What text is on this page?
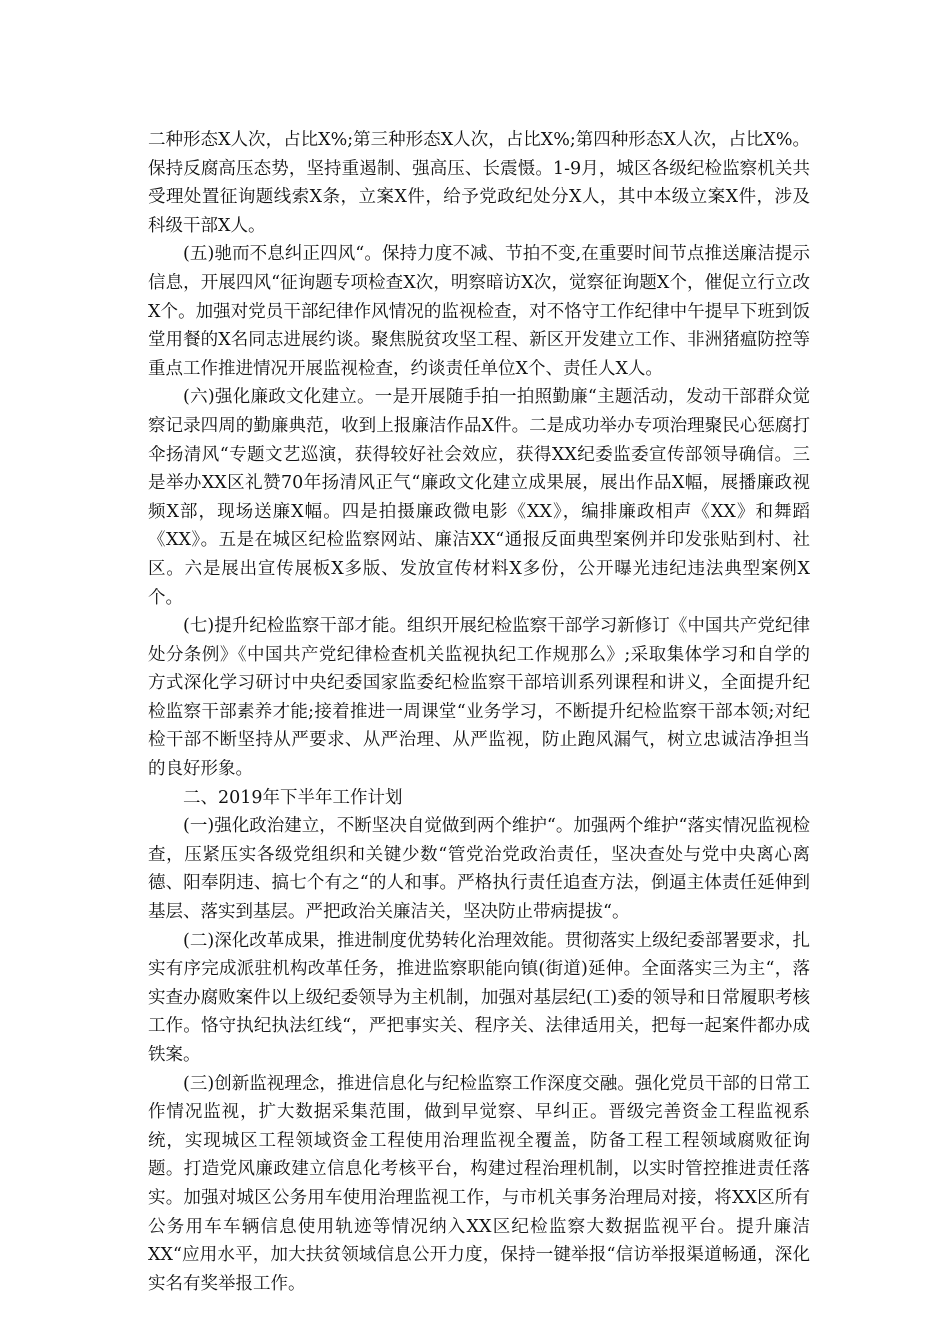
二种形态X人次，占比X%;第三种形态X人次，占比X%;第四种形态X人次，占比X%。保持反腐高压态势，坚持重遏制、强高压、长震慑。1-9月，城区各级纪检监察机关共受理处置征询题线索X条，立案X件，给予党政纪处分X人，其中本级立案X件，涉及科级干部X人。

(五)驰而不息纠正四风“。保持力度不减、节拍不变,在重要时间节点推送廉洁提示信息，开展四风“征询题专项检查X次，明察暗访X次，觉察征询题X个，催促立行立改X个。加强对党员干部纪律作风情况的监视检查，对不恪守工作纪律中午提早下班到饭堂用餐的X名同志进展约谈。聚焦脱贫攻坚工程、新区开发建立工作、非洲猪瘟防控等重点工作推进情况开展监视检查，约谈责任单位X个、责任人X人。

(六)强化廉政文化建立。一是开展随手拍一拍照勤廉“主题活动，发动干部群众觉察记录四周的勤廉典范，收到上报廉洁作品X件。二是成功举办专项治理聚民心惩腐打伞扬清风“专题文艺巡演，获得较好社会效应，获得XX纪委监委宣传部领导确信。三是举办XX区礼赞70年扬清风正气“廉政文化建立成果展，展出作品X幅，展播廉政视频X部，现场送廉X幅。四是拍摄廉政微电影《XX》，编排廉政相声《XX》和舞蹈《XX》。五是在城区纪检监察网站、廉洁XX“通报反面典型案例并印发张贴到村、社区。六是展出宣传展板X多版、发放宣传材料X多份，公开曝光违纪违法典型案例X个。

(七)提升纪检监察干部才能。组织开展纪检监察干部学习新修订《中国共产党纪律处分条例》《中国共产党纪律检查机关监视执纪工作规那么》;采取集体学习和自学的方式深化学习研讨中央纪委国家监委纪检监察干部培训系列课程和讲义，全面提升纪检监察干部素养才能;接着推进一周课堂“业务学习，不断提升纪检监察干部本领;对纪检干部不断坚持从严要求、从严治理、从严监视，防止跑风漏气，树立忠诚洁净担当的良好形象。

二、2019年下半年工作计划

(一)强化政治建立，不断坚决自觉做到两个维护“。加强两个维护“落实情况监视检查，压紧压实各级党组织和关键少数“管党治党政治责任，坚决查处与党中央离心离德、阳奉阴违、搞七个有之“的人和事。严格执行责任追查方法，倒逼主体责任延伸到基层、落实到基层。严把政治关廉洁关，坚决防止带病提拔“。

(二)深化改革成果，推进制度优势转化治理效能。贯彻落实上级纪委部署要求，扎实有序完成派驻机构改革任务，推进监察职能向镇(街道)延伸。全面落实三为主“，落实查办腐败案件以上级纪委领导为主机制，加强对基层纪(工)委的领导和日常履职考核工作。恪守执纪执法红线“，严把事实关、程序关、法律适用关，把每一起案件都办成铁案。

(三)创新监视理念，推进信息化与纪检监察工作深度交融。强化党员干部的日常工作情况监视，扩大数据采集范围，做到早觉察、早纠正。晋级完善资金工程监视系统，实现城区工程领域资金工程使用治理监视全覆盖，防备工程工程领域腐败征询题。打造党风廉政建立信息化考核平台，构建过程治理机制，以实时管控推进责任落实。加强对城区公务用车使用治理监视工作，与市机关事务治理局对接，将XX区所有公务用车车辆信息使用轨迹等情况纳入XX区纪检监察大数据监视平台。提升廉洁XX“应用水平，加大扶贫领域信息公开力度，保持一键举报“信访举报渠道畅通，深化实名有奖举报工作。
